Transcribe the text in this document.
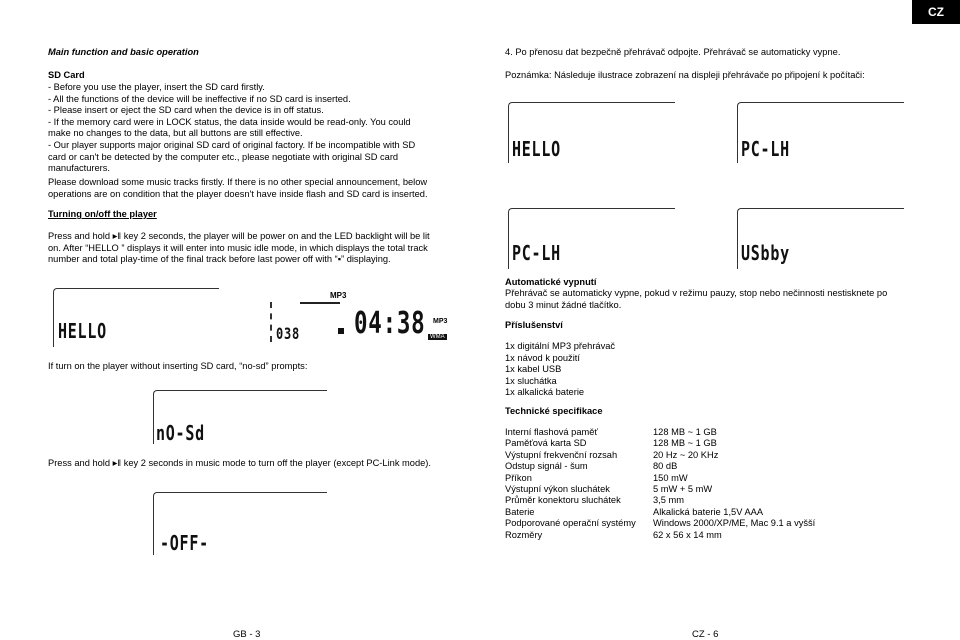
CZ
Main function and basic operation
SD Card
- Before you use the player, insert the SD card firstly.
- All the functions of the device will be ineffective if no SD card is inserted.
- Please insert or eject the SD card when the device is in off status.
- If the memory card were in LOCK status, the data inside would be read-only. You could
make no changes to the data, but all buttons are still effective.
- Our player supports major original SD card of original factory. If be incompatible with SD
card or can't be detected by the computer etc., please negotiate with original SD card
manufacturers.
Please download some music tracks firstly. If there is no other special announcement, below
operations are on condition that the player doesn't have inside flash and SD card is inserted.
Turning on/off the player
Press and hold ▸‖ key 2 seconds, the player will be power on and the LED backlight will be lit
on. After “HELLO ” displays it will enter into music idle mode, in which displays the total track
number and total play-time of the final track before last power off with “▪” displaying.
HELLO
MP3
038 04:38 MP3
WMA
If turn on the player without inserting SD card, “no-sd” prompts:
nO-Sd
Press and hold ▸‖ key 2 seconds in music mode to turn off the player (except PC-Link mode).
-OFF-
GB - 3
4. Po přenosu dat bezpečně přehrávač odpojte. Přehrávač se automaticky vypne.
Poznámka: Následuje ilustrace zobrazení na displeji přehrávače po připojení k počítači:
HELLO	PC-LH
PC-LH	USbby
Automatické vypnutí
Přehrávač se automaticky vypne, pokud v režimu pauzy, stop nebo nečinnosti nestisknete po
dobu 3 minut žádné tlačítko.
Příslušenství
1x digitální MP3 přehrávač
1x návod k použití
1x kabel USB
1x sluchátka
1x alkalická baterie
Technické specifikace
Interní flashová paměť	128 MB ~ 1 GB
Paměťová karta SD	128 MB ~ 1 GB
Výstupní frekvenční rozsah	20 Hz ~ 20 KHz
Odstup signál - šum	80 dB
Příkon	150 mW
Výstupní výkon sluchátek	5 mW + 5 mW
Průměr konektoru sluchátek	3,5 mm
Baterie	Alkalická baterie 1,5V AAA
Podporované operační systémy	Windows 2000/XP/ME, Mac 9.1 a vyšší
Rozměry	62 x 56 x 14 mm
CZ - 6
